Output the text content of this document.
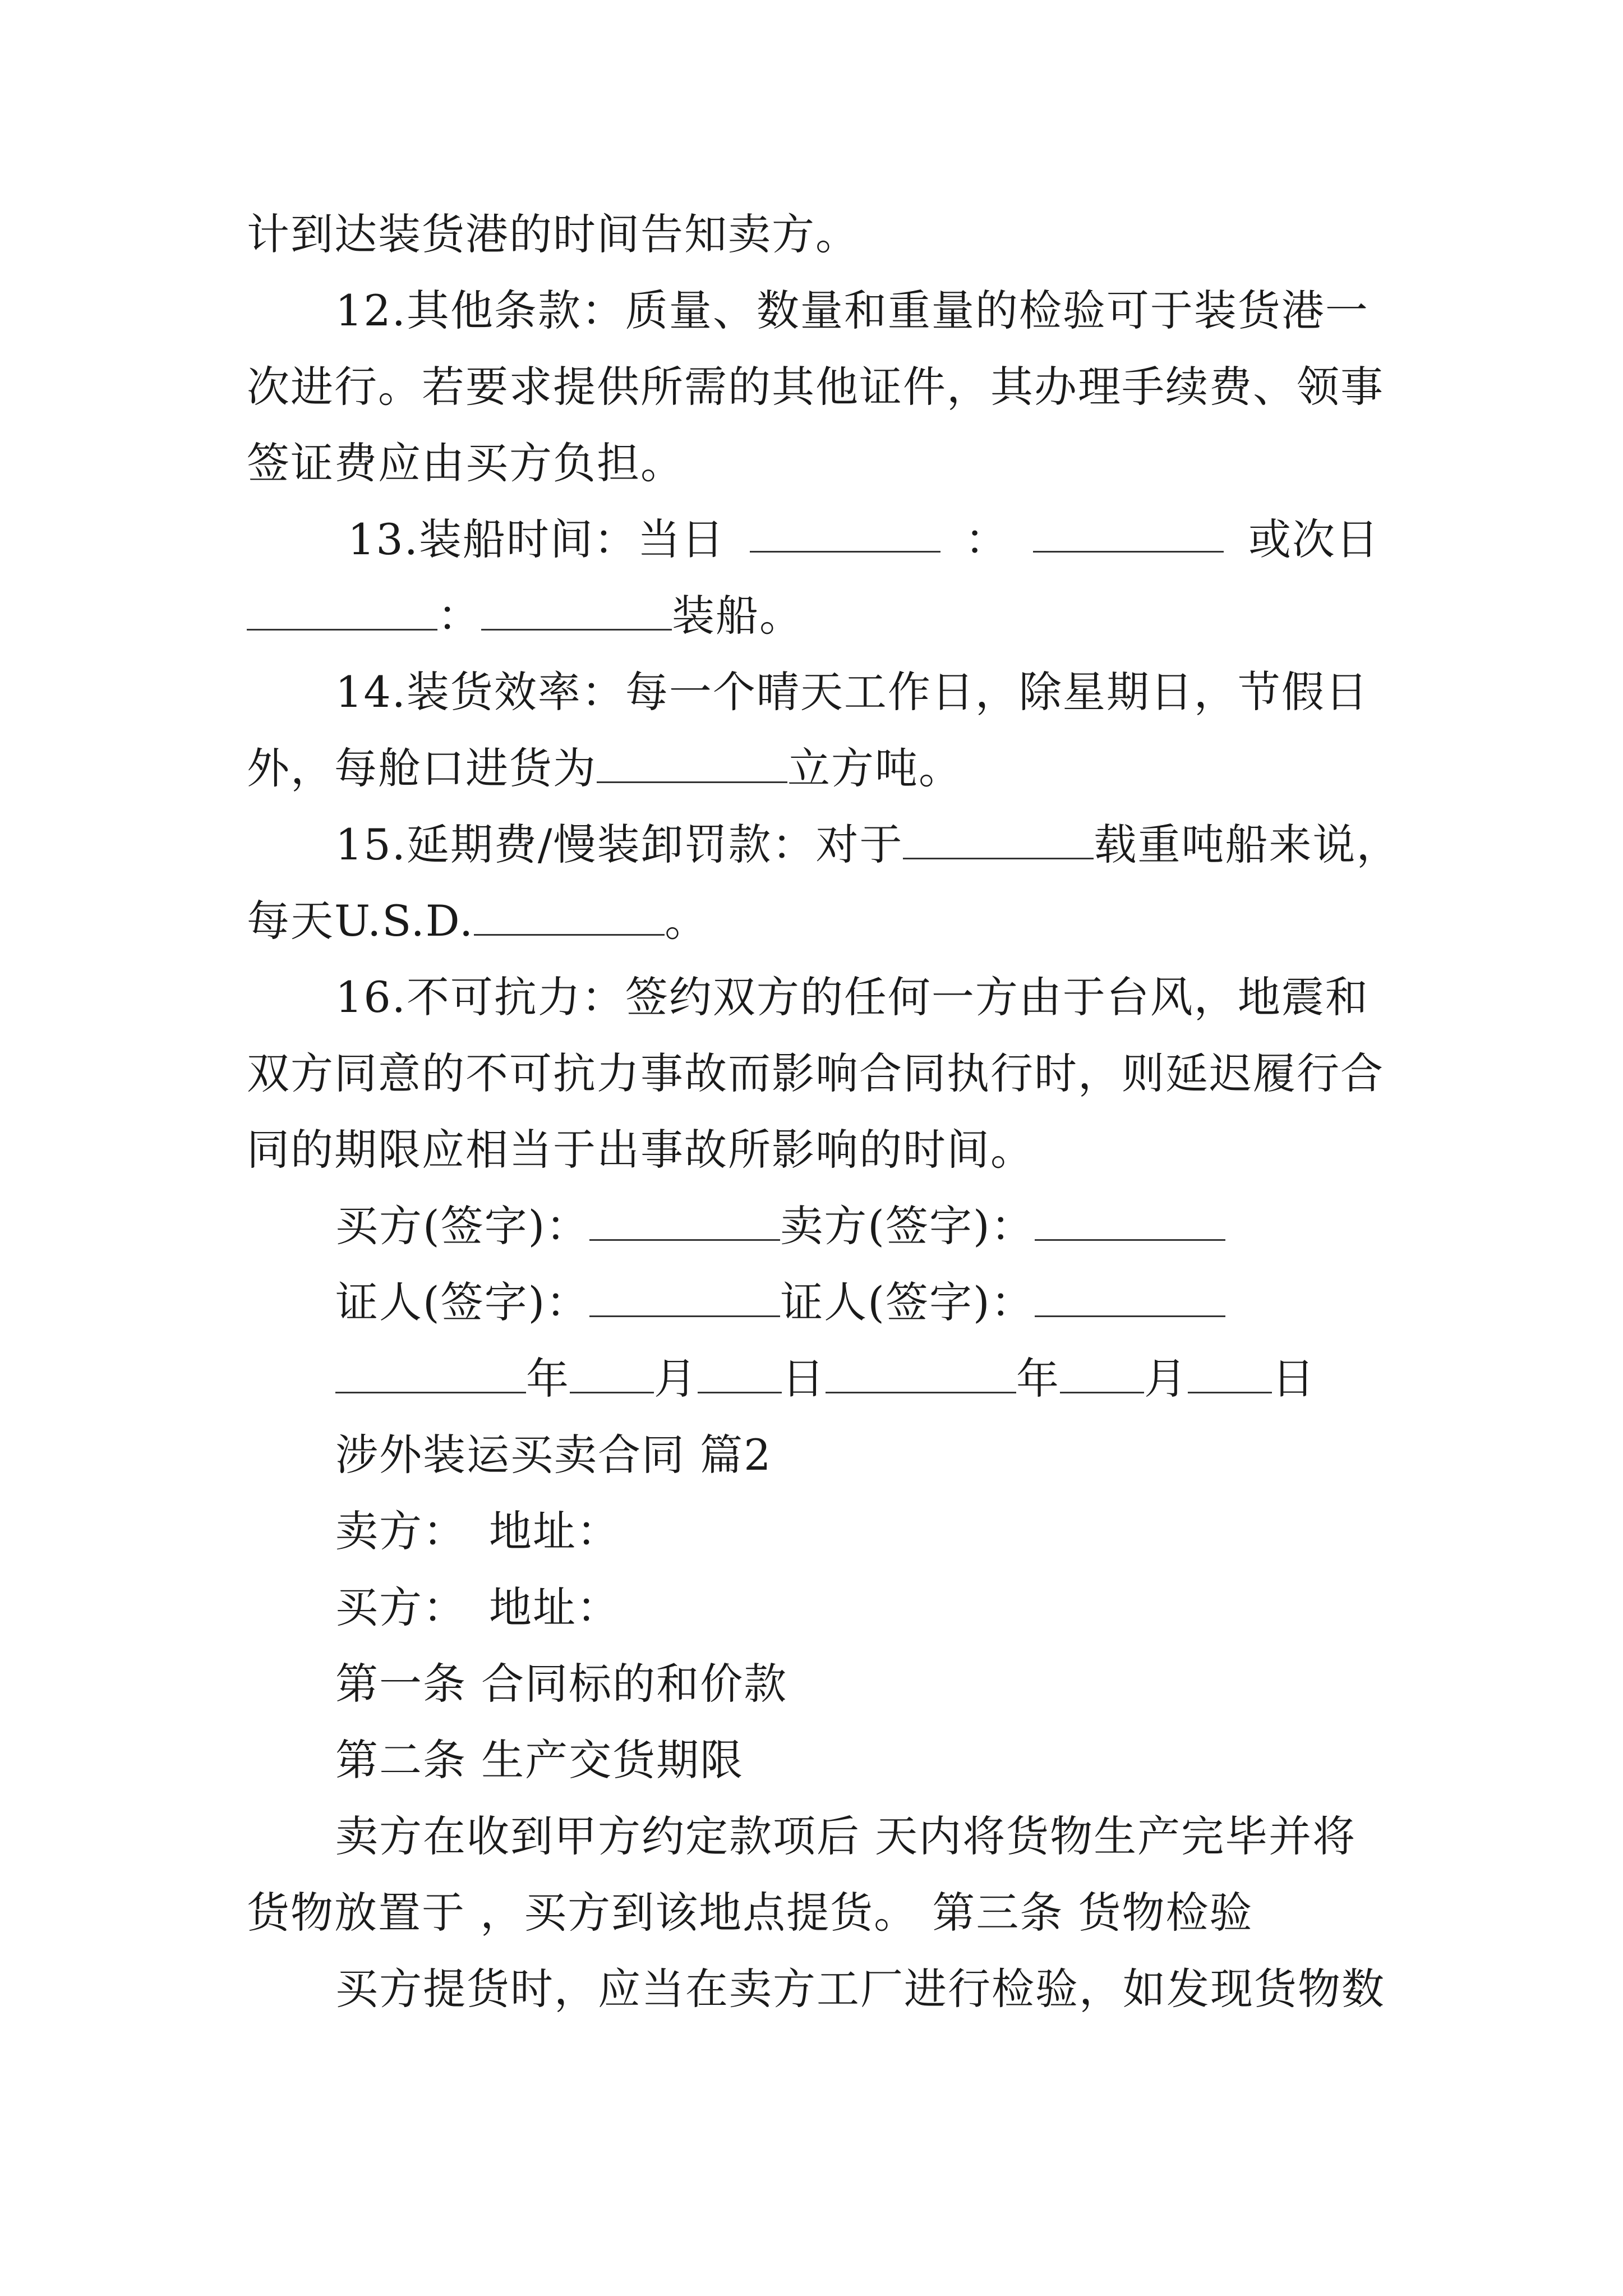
计到达装货港的时间告知卖方。
12.其他条款：质量、数量和重量的检验可于装货港一
次进行。若要求提供所需的其他证件，其办理手续费、领事
签证费应由买方负担。
13.装船时间：当日	：	或次日
：	装船。
14.装货效率：每一个晴天工作日，除星期日，节假日
外，每舱口进货为	立方吨。
15.延期费/慢装卸罚款：对于	载重吨船来说，
每天U.S.D.	。
16.不可抗力：签约双方的任何一方由于台风，地震和
双方同意的不可抗力事故而影响合同执行时，则延迟履行合
同的期限应相当于出事故所影响的时间。
买方(签字)：	卖方(签字)：
证人(签字)：	证人(签字)：
年 月 日	年 月 日
涉外装运买卖合同 篇2
卖方： 地址：
买方： 地址：
第一条 合同标的和价款
第二条 生产交货期限
卖方在收到甲方约定款项后 天内将货物生产完毕并将
货物放置于 ，买方到该地点提货。 第三条 货物检验
买方提货时，应当在卖方工厂进行检验，如发现货物数
